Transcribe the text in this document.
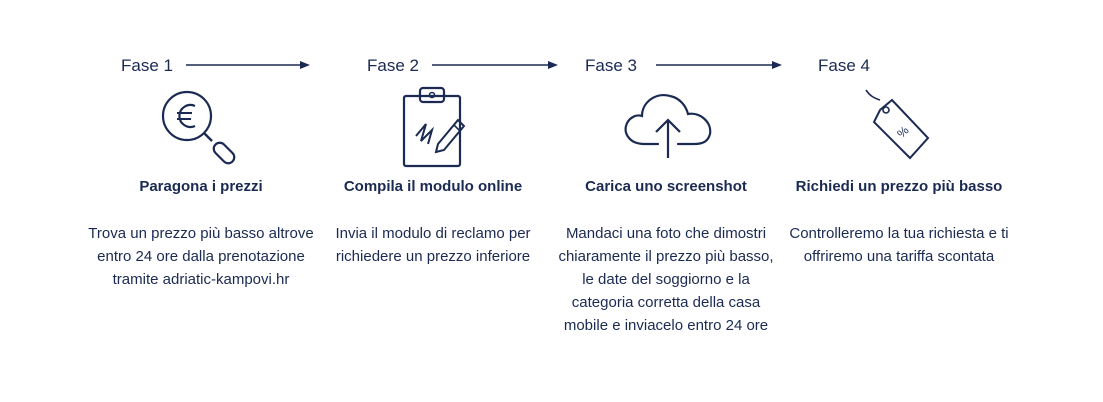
Fase 1
Paragona i prezzi
Trova un prezzo più basso altrove entro 24 ore dalla prenotazione tramite adriatic-kampovi.hr
Fase 2
Compila il modulo online
Invia il modulo di reclamo per richiedere un prezzo inferiore
Fase 3
Carica uno screenshot
Mandaci una foto che dimostri chiaramente il prezzo più basso, le date del soggiorno e la categoria corretta della casa mobile e inviacelo entro 24 ore
Fase 4
%
Richiedi un prezzo più basso
Controlleremo la tua richiesta e ti offriremo una tariffa scontata
